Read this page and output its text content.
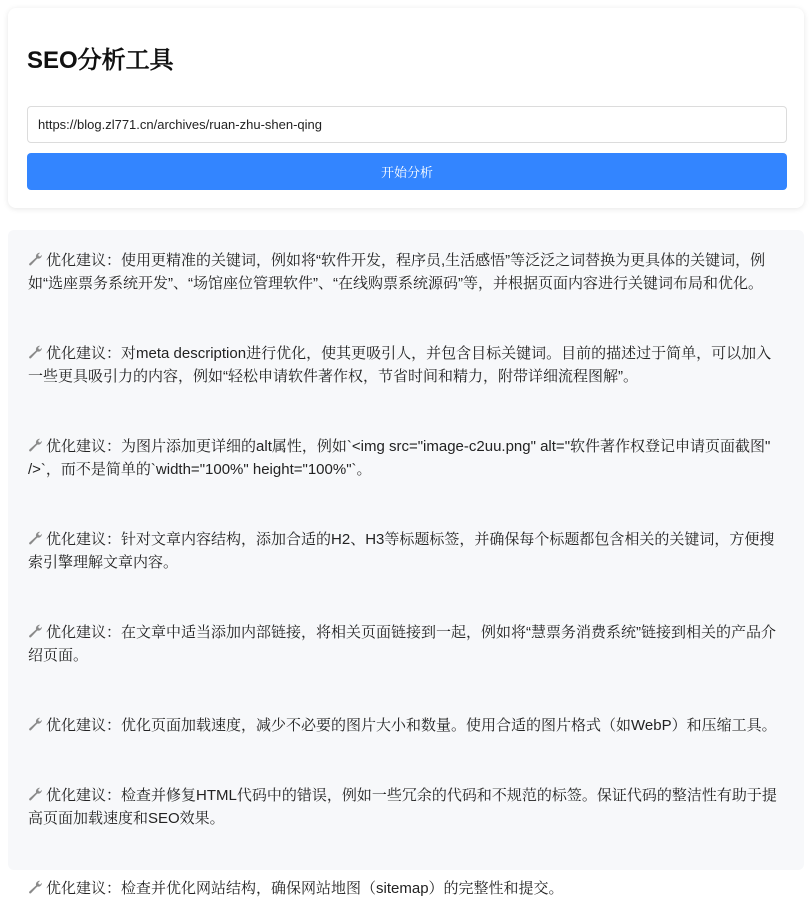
SEO分析工具
https://blog.zl771.cn/archives/ruan-zhu-shen-qing
开始分析

优化建议：使用更精准的关键词，例如将“软件开发，程序员,生活感悟”等泛泛之词替换为更具体的关键词，例如“选座票务系统开发”、“场馆座位管理软件”、“在线购票系统源码”等，并根据页面内容进行关键词布局和优化。

优化建议：对meta description进行优化，使其更吸引人，并包含目标关键词。目前的描述过于简单，可以加入一些更具吸引力的内容，例如“轻松申请软件著作权，节省时间和精力，附带详细流程图解”。

优化建议：为图片添加更详细的alt属性，例如`<img src="image-c2uu.png" alt="软件著作权登记申请页面截图" />`，而不是简单的`width="100%" height="100%"`。

优化建议：针对文章内容结构，添加合适的H2、H3等标题标签，并确保每个标题都包含相关的关键词，方便搜索引擎理解文章内容。

优化建议：在文章中适当添加内部链接，将相关页面链接到一起，例如将“慧票务消费系统”链接到相关的产品介绍页面。

优化建议：优化页面加载速度，减少不必要的图片大小和数量。使用合适的图片格式（如WebP）和压缩工具。

优化建议：检查并修复HTML代码中的错误，例如一些冗余的代码和不规范的标签。保证代码的整洁性有助于提高页面加载速度和SEO效果。

优化建议：检查并优化网站结构，确保网站地图（sitemap）的完整性和提交。
